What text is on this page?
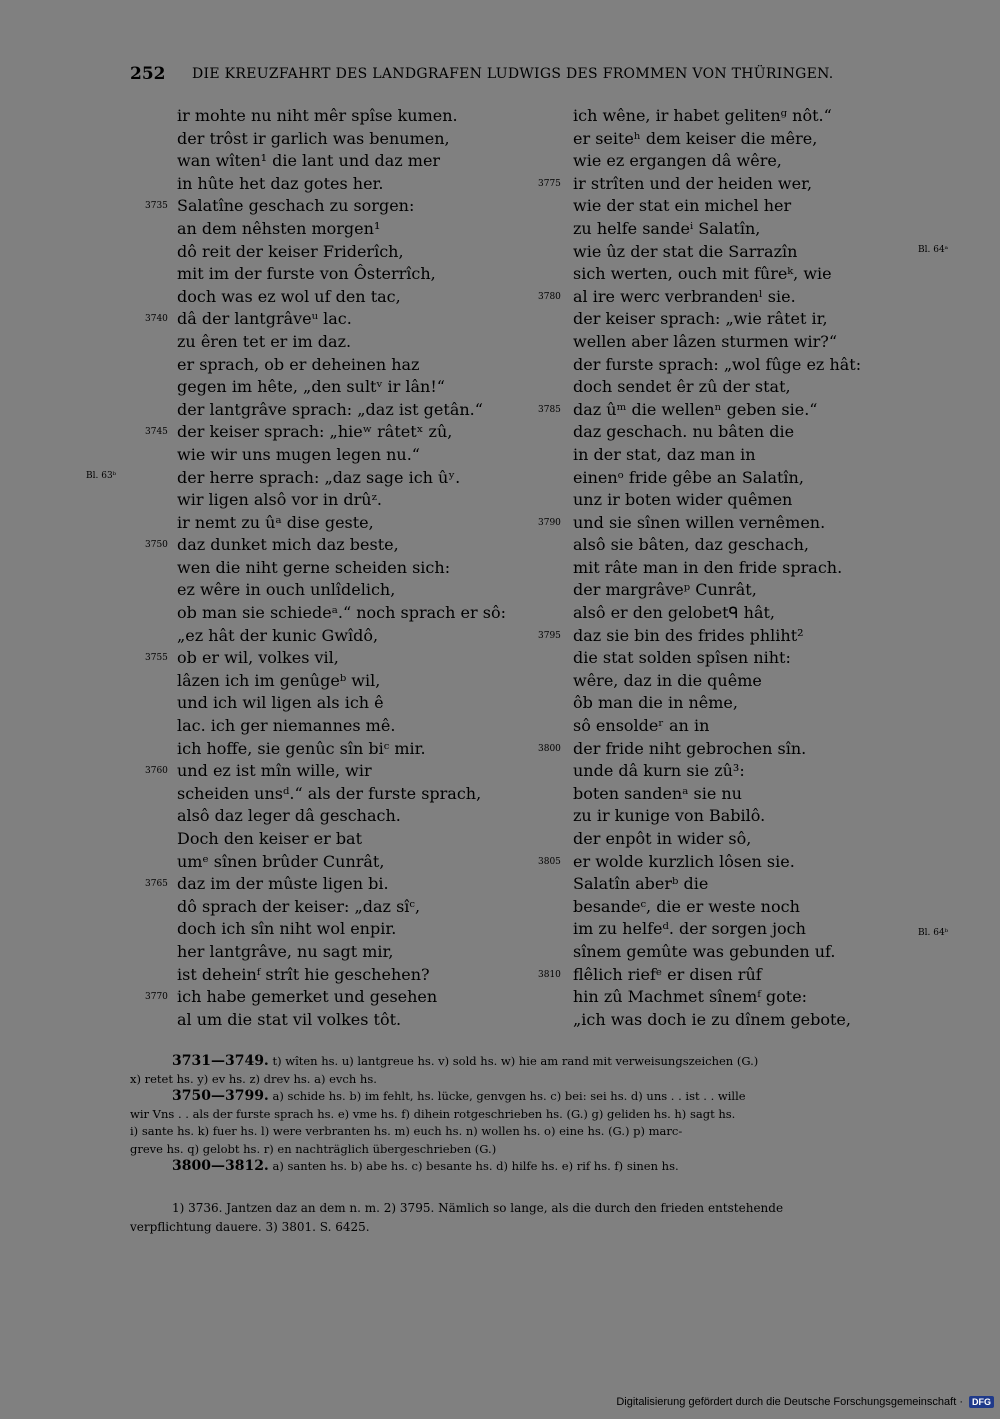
252 DIE KREUZFAHRT DES LANDGRAFEN LUDWIGS DES FROMMEN VON THÜRINGEN.
ir mohte nu niht mêr spîse kumen.
der trôst ir garlich was benumen,
wan wîten¹ die lant und daz mer
in hûte het daz gotes her.
3735 Salatîne geschach zu sorgen:
an dem nêhsten morgen¹
dô reit der keiser Friderîch,
mit im der furste von Ôsterrîch,
doch was ez wol uf den tac,
3740 dâ der lantgrâveᵘ lac.
zu êren tet er im daz.
er sprach, ob er deheinen haz
gegen im hête, „den sultᵛ ir lân!“
der lantgrâve sprach: „daz ist getân.“
3745 der keiser sprach: „hieʷ râtetˣ zû,
wie wir uns mugen legen nu.“
der herre sprach: „daz sage ich ûʸ.
wir ligen alsô vor in drûᶻ.
ir nemt zu ûᵃ dise geste,
3750 daz dunket mich daz beste,
wen die niht gerne scheiden sich:
ez wêre in ouch unlîdelich,
ob man sie schiedeᵃ.“ noch sprach er sô:
„ez hât der kunic Gwîdô,
3755 ob er wil, volkes vil,
lâzen ich im genûgeᵇ wil,
und ich wil ligen als ich ê
lac. ich ger niemannes mê.
ich hoffe, sie genûc sîn biᶜ mir.
3760 und ez ist mîn wille, wir
scheiden unsᵈ.“ als der furste sprach,
alsô daz leger dâ geschach.
Doch den keiser er bat
umᵉ sînen brûder Cunrât,
3765 daz im der mûste ligen bi.
dô sprach der keiser: „daz sîᶜ,
doch ich sîn niht wol enpir.
her lantgrâve, nu sagt mir,
ist deheinᶠ strît hie geschehen?
3770 ich habe gemerket und gesehen
al um die stat vil volkes tôt.
ich wêne, ir habet gelitenᵍ nôt.“
er seiteʰ dem keiser die mêre,
wie ez ergangen dâ wêre,
3775 ir strîten und der heiden wer,
wie der stat ein michel her
zu helfe sandeⁱ Salatîn,
wie ûz der stat die Sarrazîn
sich werten, ouch mit fûreᵏ, wie
3780 al ire werc verbrandenˡ sie.
der keiser sprach: „wie râtet ir,
wellen aber lâzen sturmen wir?“
der furste sprach: „wol fûge ez hât:
doch sendet êr zû der stat,
3785 daz ûᵐ die wellenⁿ geben sie.“
daz geschach. nu bâten die
in der stat, daz man in
einenᵒ fride gêbe an Salatîn,
unz ir boten wider quêmen
3790 und sie sînen willen vernêmen.
alsô sie bâten, daz geschach,
mit râte man in den fride sprach.
der margrâveᵖ Cunrât,
alsô er den gelobetᑫ hât,
3795 daz sie bin des frides phliht²
die stat solden spîsen niht:
wêre, daz in die quême
ôb man die in nême,
sô ensoldeʳ an in
3800 der fride niht gebrochen sîn.
unde dâ kurn sie zû³:
boten sandenᵃ sie nu
zu ir kunige von Babilô.
der enpôt in wider sô,
3805 er wolde kurzlich lôsen sie.
Salatîn aberᵇ die
besandeᶜ, die er weste noch
im zu helfeᵈ. der sorgen joch
sînem gemûte was gebunden uf.
3810 flêlich riefᵉ er disen rûf
hin zû Machmet sînemᶠ gote:
„ich was doch ie zu dînem gebote,
Bl. 63ᵇ
Bl. 64ᵃ
Bl. 64ᵇ
3731—3749. t) wîten hs. u) lantgreue hs. v) sold hs. w) hie am rand mit verweisungszeichen (G.)
x) retet hs. y) ev hs. z) drev hs. a) evch hs.
3750—3799. a) schide hs. b) im fehlt, hs. lücke, genvgen hs. c) bei: sei hs. d) uns . . ist . . wille
wir Vns . . als der furste sprach hs. e) vme hs. f) dihein rotgeschrieben hs. (G.) g) geliden hs. h) sagt hs.
i) sante hs. k) fuer hs. l) were verbranten hs. m) euch hs. n) wollen hs. o) eine hs. (G.) p) marc-
greve hs. q) gelobt hs. r) en nachträglich übergeschrieben (G.)
3800—3812. a) santen hs. b) abe hs. c) besante hs. d) hilfe hs. e) rif hs. f) sinen hs.
1) 3736. Jantzen daz an dem n. m. 2) 3795. Nämlich so lange, als die durch den frieden entstehende
verpflichtung dauere. 3) 3801. S. 6425.
Digitalisierung gefördert durch die Deutsche Forschungsgemeinschaft ·	DFG
